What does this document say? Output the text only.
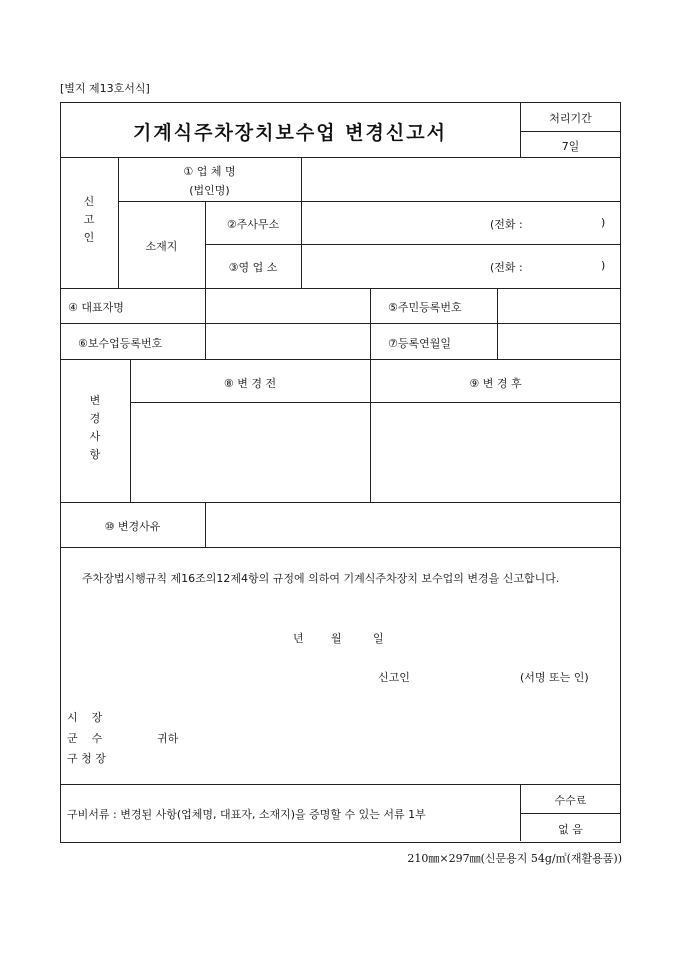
[별지 제13호서식]
기계식주차장치보수업 변경신고서
처리기간
7일
신
고
인
① 업 체 명
(법인명)
소재지
②주사무소	(전화 :	)
③영 업 소	(전화 :	)
④ 대표자명	⑤주민등록번호
⑥보수업등록번호	⑦등록연월일
변
경
사
항
⑧ 변 경 전	⑨ 변 경 후
⑩ 변경사유
주차장법시행규칙 제16조의12제4항의 규정에 의하여 기계식주차장치 보수업의 변경을 신고합니다.
년 월	일
신고인	(서명 또는 인)
시    장
군    수
구 청 장
귀하
구비서류 : 변경된 사항(업체명, 대표자, 소재지)을 증명할 수 있는 서류 1부
수수료
없 음
210㎜×297㎜(신문용지 54g/㎡(재활용품))
